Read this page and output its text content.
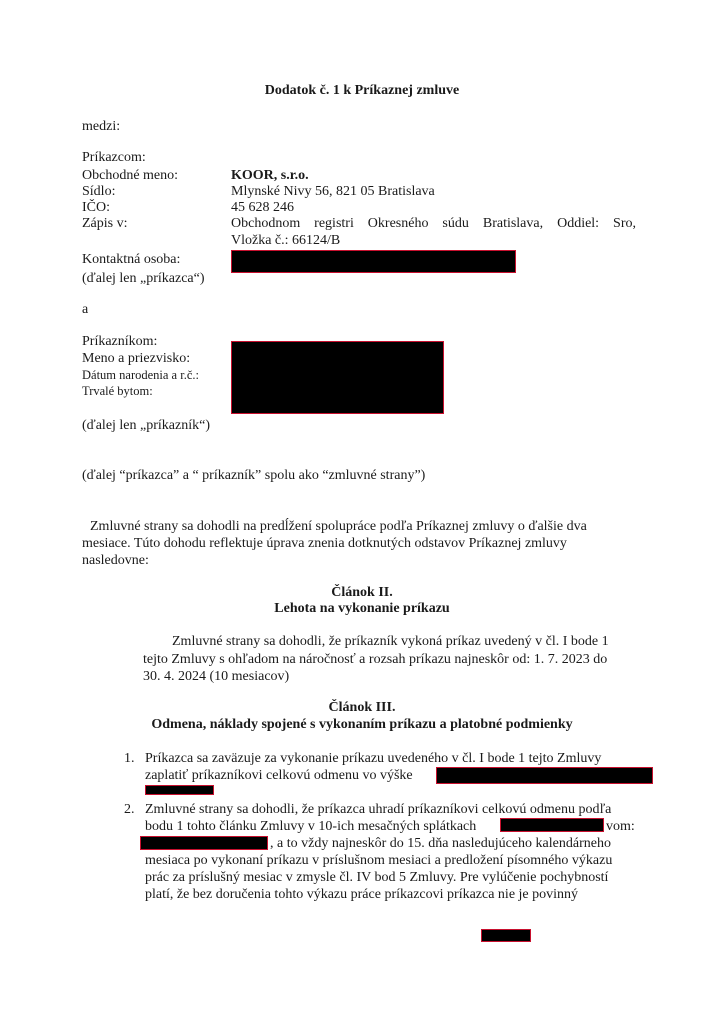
Dodatok č. 1 k Príkaznej zmluve
medzi:
Príkazcom:
Obchodné meno:	KOOR, s.r.o.
Sídlo:	Mlynské Nivy 56, 821 05 Bratislava
IČO:	45 628 246
Zápis v:	Obchodnom registri Okresného súdu Bratislava, Oddiel: Sro,
Vložka č.: 66124/B
Kontaktná osoba:
(ďalej len „príkazca“)
a
Príkazníkom:
Meno a priezvisko:
Dátum narodenia a r.č.:
Trvalé bytom:
(ďalej len „príkazník“)
(ďalej “príkazca” a “ príkazník” spolu ako “zmluvné strany”)
Zmluvné strany sa dohodli na predĺžení spolupráce podľa Príkaznej zmluvy o ďalšie dva
mesiace. Túto dohodu reflektuje úprava znenia dotknutých odstavov Príkaznej zmluvy
nasledovne:
Článok II.
Lehota na vykonanie príkazu
Zmluvné strany sa dohodli, že príkazník vykoná príkaz uvedený v čl. I bode 1
tejto Zmluvy s ohľadom na náročnosť a rozsah príkazu najneskôr od: 1. 7. 2023 do
30. 4. 2024 (10 mesiacov)
Článok III.
Odmena, náklady spojené s vykonaním príkazu a platobné podmienky
1. Príkazca sa zaväzuje za vykonanie príkazu uvedeného v čl. I bode 1 tejto Zmluvy
zaplatiť príkazníkovi celkovú odmenu vo výške
2. Zmluvné strany sa dohodli, že príkazca uhradí príkazníkovi celkovú odmenu podľa
bodu 1 tohto článku Zmluvy v 10-ich mesačných splátkach	vom:
, a to vždy najneskôr do 15. dňa nasledujúceho kalendárneho
mesiaca po vykonaní príkazu v príslušnom mesiaci a predložení písomného výkazu
prác za príslušný mesiac v zmysle čl. IV bod 5 Zmluvy. Pre vylúčenie pochybností
platí, že bez doručenia tohto výkazu práce príkazcovi príkazca nie je povinný
